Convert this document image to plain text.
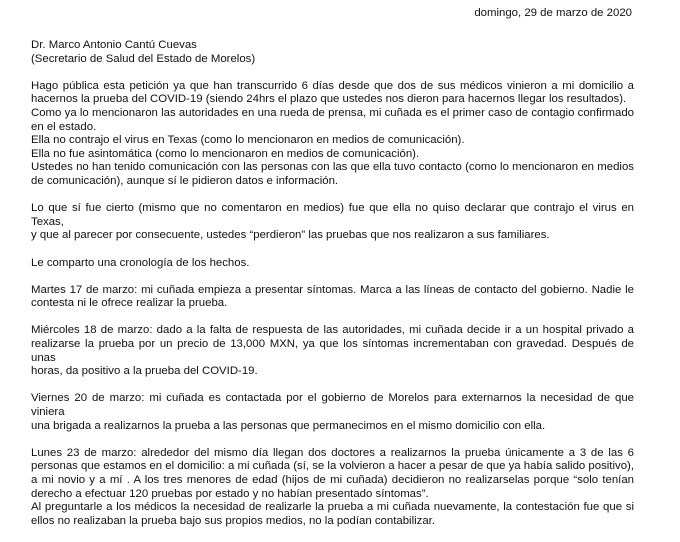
domingo, 29 de marzo de 2020

Dr. Marco Antonio Cantú Cuevas
(Secretario de Salud del Estado de Morelos)

Hago pública esta petición ya que han transcurrido 6 días desde que dos de sus médicos vinieron a mi domicilio a
hacernos la prueba del COVID-19 (siendo 24hrs el plazo que ustedes nos dieron para hacernos llegar los resultados).
Como ya lo mencionaron las autoridades en una rueda de prensa, mi cuñada es el primer caso de contagio confirmado
en el estado.
Ella no contrajo el virus en Texas (como lo mencionaron en medios de comunicación).
Ella no fue asintomática (como lo mencionaron en medios de comunicación).
Ustedes no han tenido comunicación con las personas con las que ella tuvo contacto (como lo mencionaron en medios
de comunicación), aunque sí le pidieron datos e información.

Lo que sí fue cierto (mismo que no comentaron en medios) fue que ella no quiso declarar que contrajo el virus en Texas,
y que al parecer por consecuente, ustedes “perdieron” las pruebas que nos realizaron a sus familiares.

Le comparto una cronología de los hechos.

Martes 17 de marzo: mi cuñada empieza a presentar síntomas. Marca a las líneas de contacto del gobierno. Nadie le
contesta ni le ofrece realizar la prueba.

Miércoles 18 de marzo: dado a la falta de respuesta de las autoridades, mi cuñada decide ir a un hospital privado a
realizarse la prueba por un precio de 13,000 MXN, ya que los síntomas incrementaban con gravedad. Después de unas
horas, da positivo a la prueba del COVID-19.

Viernes 20 de marzo: mi cuñada es contactada por el gobierno de Morelos para externarnos la necesidad de que viniera
una brigada a realizarnos la prueba a las personas que permanecimos en el mismo domicilio con ella.

Lunes 23 de marzo: alrededor del mismo día llegan dos doctores a realizarnos la prueba únicamente a 3 de las 6
personas que estamos en el domicilio: a mi cuñada (sí, se la volvieron a hacer a pesar de que ya había salido positivo),
a mi novio y a mí . A los tres menores de edad (hijos de mi cuñada) decidieron no realizarselas porque “solo tenían
derecho a efectuar 120 pruebas por estado y no habían presentado síntomas”.
Al preguntarle a los médicos la necesidad de realizarle la prueba a mi cuñada nuevamente, la contestación fue que si
ellos no realizaban la prueba bajo sus propios medios, no la podían contabilizar.
